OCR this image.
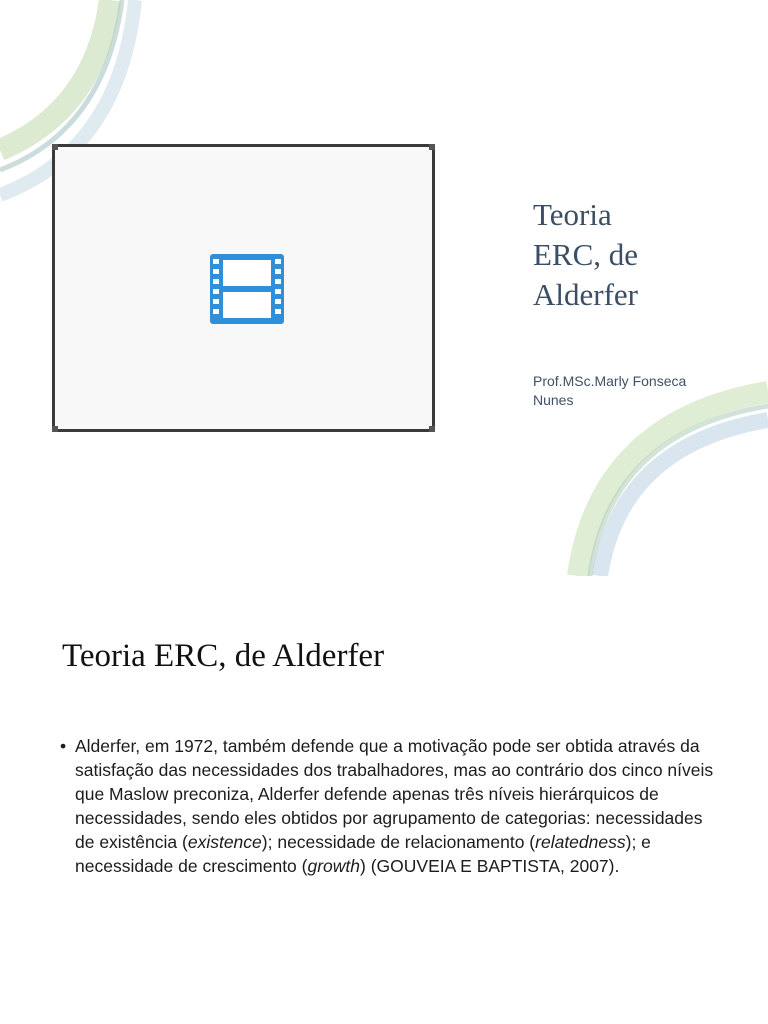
Teoria
ERC, de
Alderfer

Prof.MSc.Marly Fonseca
Nunes

Teoria ERC, de Alderfer
• Alderfer, em 1972, também defende que a motivação pode ser obtida através da satisfação das necessidades dos trabalhadores, mas ao contrário dos cinco níveis que Maslow preconiza, Alderfer defende apenas três níveis hierárquicos de necessidades, sendo eles obtidos por agrupamento de categorias: necessidades de existência (existence); necessidade de relacionamento (relatedness); e necessidade de crescimento (growth) (GOUVEIA E BAPTISTA, 2007).
